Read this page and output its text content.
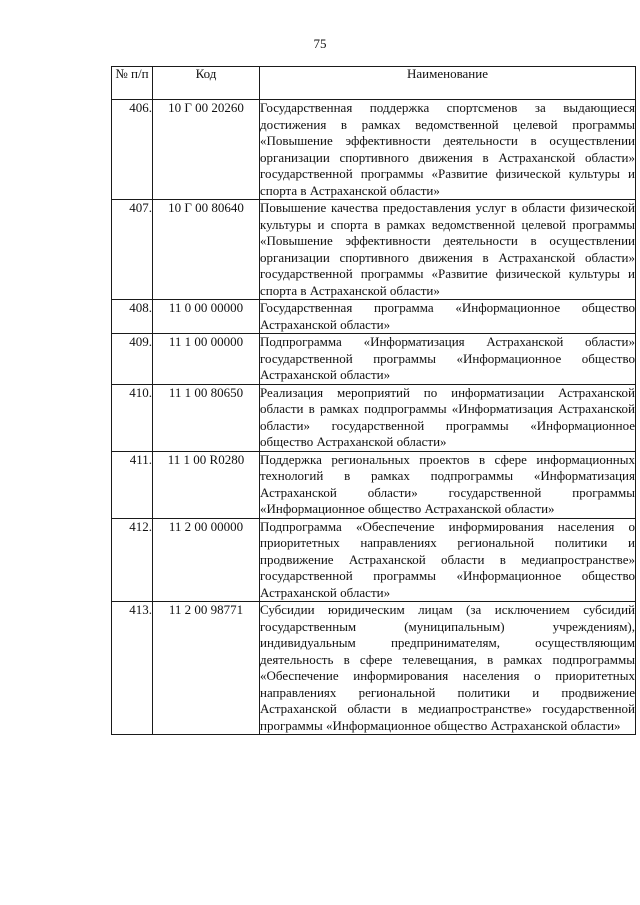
75
№ п/п	Код	Наименование
406.	10 Г 00 20260	Государственная поддержка спортсменов за выдающиеся достижения в рамках ведомственной целевой программы «Повышение эффективности деятельности в осуществлении организации спортивного движения в Астраханской области» государственной программы «Развитие физической культуры и спорта в Астраханской области»
407.	10 Г 00 80640	Повышение качества предоставления услуг в области физической культуры и спорта в рамках ведомственной целевой программы «Повышение эффективности деятельности в осуществлении организации спортивного движения в Астраханской области» государственной программы «Развитие физической культуры и спорта в Астраханской области»
408.	11 0 00 00000	Государственная программа «Информационное общество Астраханской области»
409.	11 1 00 00000	Подпрограмма «Информатизация Астраханской области» государственной программы «Информационное общество Астраханской области»
410.	11 1 00 80650	Реализация мероприятий по информатизации Астраханской области в рамках подпрограммы «Информатизация Астраханской области» государственной программы «Информационное общество Астраханской области»
411.	11 1 00 R0280	Поддержка региональных проектов в сфере информационных технологий в рамках подпрограммы «Информатизация Астраханской области» государственной программы «Информационное общество Астраханской области»
412.	11 2 00 00000	Подпрограмма «Обеспечение информирования населения о приоритетных направлениях региональной политики и продвижение Астраханской области в медиапространстве» государственной программы «Информационное общество Астраханской области»
413.	11 2 00 98771	Субсидии юридическим лицам (за исключением субсидий государственным (муниципальным) учреждениям), индивидуальным предпринимателям, осуществляющим деятельность в сфере телевещания, в рамках подпрограммы «Обеспечение информирования населения о приоритетных направлениях региональной политики и продвижение Астраханской области в медиапространстве» государственной программы «Информационное общество Астраханской области»
